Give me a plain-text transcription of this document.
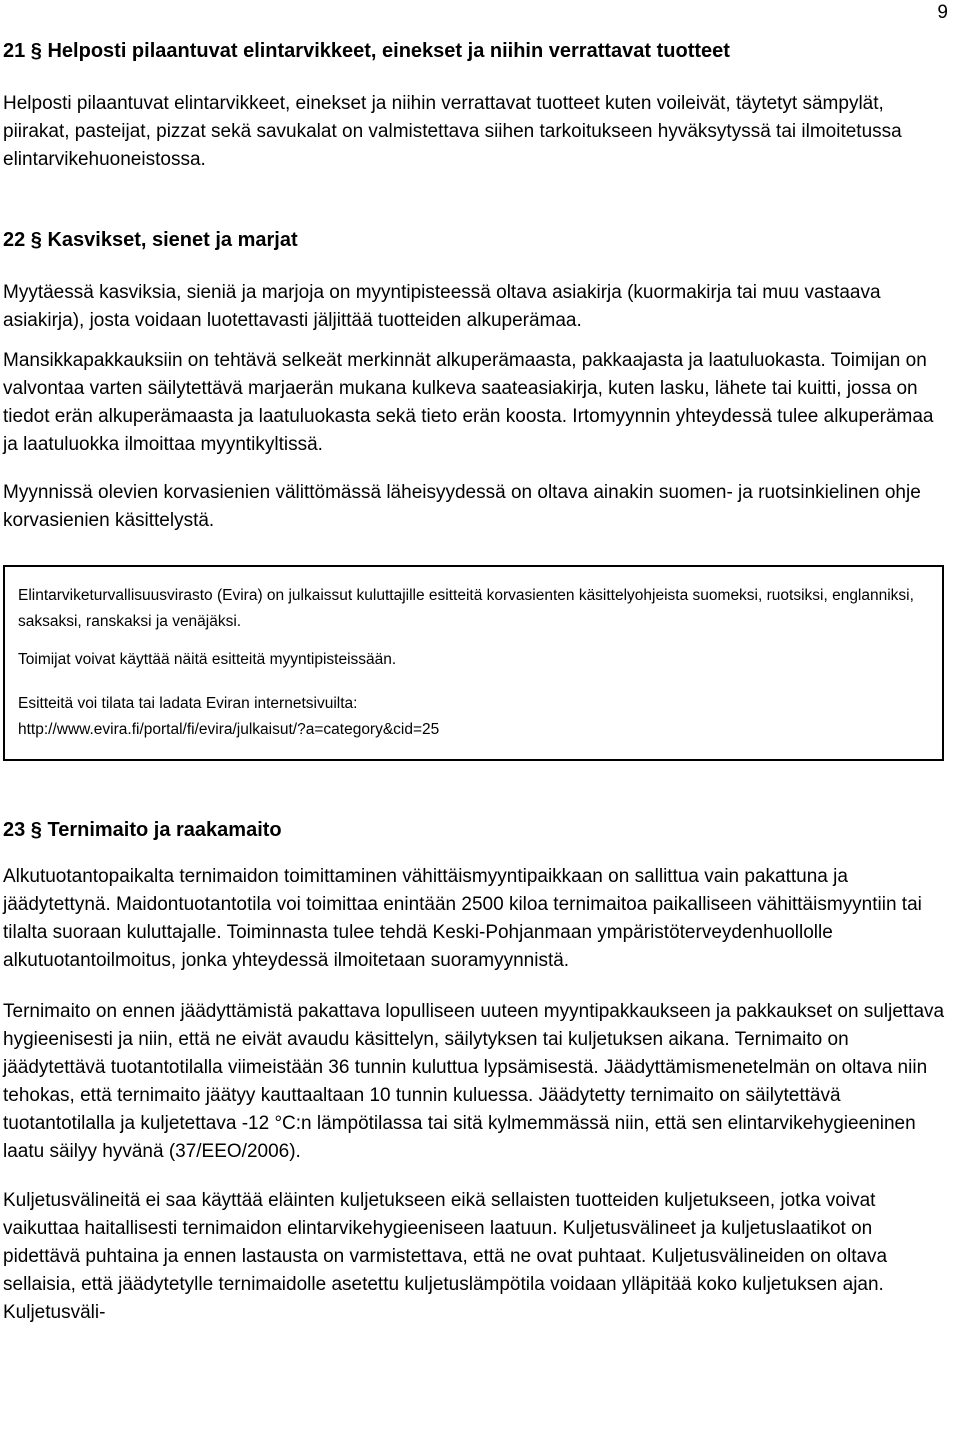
9
21 § Helposti pilaantuvat elintarvikkeet, einekset ja niihin verrattavat tuotteet

Helposti pilaantuvat elintarvikkeet, einekset ja niihin verrattavat tuotteet kuten voileivät, täytetyt sämpylät, piirakat, pasteijat, pizzat sekä savukalat on valmistettava siihen tarkoitukseen hyväksytyssä tai ilmoitetussa elintarvikehuoneistossa.

22 § Kasvikset, sienet ja marjat

Myytäessä kasviksia, sieniä ja marjoja on myyntipisteessä oltava asiakirja (kuormakirja tai muu vastaava asiakirja), josta voidaan luotettavasti jäljittää tuotteiden alkuperämaa.

Mansikkapakkauksiin on tehtävä selkeät merkinnät alkuperämaasta, pakkaajasta ja laatuluokasta. Toimijan on valvontaa varten säilytettävä marjaerän mukana kulkeva saateasiakirja, kuten lasku, lähete tai kuitti, jossa on tiedot erän alkuperämaasta ja laatuluokasta sekä tieto erän koosta. Irtomyynnin yhteydessä tulee alkuperämaa ja laatuluokka ilmoittaa myyntikyltissä.

Myynnissä olevien korvasienien välittömässä läheisyydessä on oltava ainakin suomen- ja ruotsinkielinen ohje korvasienien käsittelystä.

Elintarviketurvallisuusvirasto (Evira) on julkaissut kuluttajille esitteitä korvasienten käsittelyohjeista suomeksi, ruotsiksi, englanniksi, saksaksi, ranskaksi ja venäjäksi.

Toimijat voivat käyttää näitä esitteitä myyntipisteissään.

Esitteitä voi tilata tai ladata Eviran internetsivuilta:
http://www.evira.fi/portal/fi/evira/julkaisut/?a=category&cid=25

23 § Ternimaito ja raakamaito

Alkutuotantopaikalta ternimaidon toimittaminen vähittäismyyntipaikkaan on sallittua vain pakattuna ja jäädytettynä. Maidontuotantotila voi toimittaa enintään 2500 kiloa ternimaitoa paikalliseen vähittäismyyntiin tai tilalta suoraan kuluttajalle. Toiminnasta tulee tehdä Keski-Pohjanmaan ympäristöterveydenhuollolle alkutuotantoilmoitus, jonka yhteydessä ilmoitetaan suoramyynnistä.

Ternimaito on ennen jäädyttämistä pakattava lopulliseen uuteen myyntipakkaukseen ja pakkaukset on suljettava hygieenisesti ja niin, että ne eivät avaudu käsittelyn, säilytyksen tai kuljetuksen aikana. Ternimaito on jäädytettävä tuotantotilalla viimeistään 36 tunnin kuluttua lypsämisestä. Jäädyttämismenetelmän on oltava niin tehokas, että ternimaito jäätyy kauttaaltaan 10 tunnin kuluessa. Jäädytetty ternimaito on säilytettävä tuotantotilalla ja kuljetettava -12 °C:n lämpötilassa tai sitä kylmemmässä niin, että sen elintarvikehygieeninen laatu säilyy hyvänä (37/EEO/2006).

Kuljetusvälineitä ei saa käyttää eläinten kuljetukseen eikä sellaisten tuotteiden kuljetukseen, jotka voivat vaikuttaa haitallisesti ternimaidon elintarvikehygieeniseen laatuun. Kuljetusvälineet ja kuljetuslaatikot on pidettävä puhtaina ja ennen lastausta on varmistettava, että ne ovat puhtaat. Kuljetusvälineiden on oltava sellaisia, että jäädytetylle ternimaidolle asetettu kuljetuslämpötila voidaan ylläpitää koko kuljetuksen ajan. Kuljetusväli-
